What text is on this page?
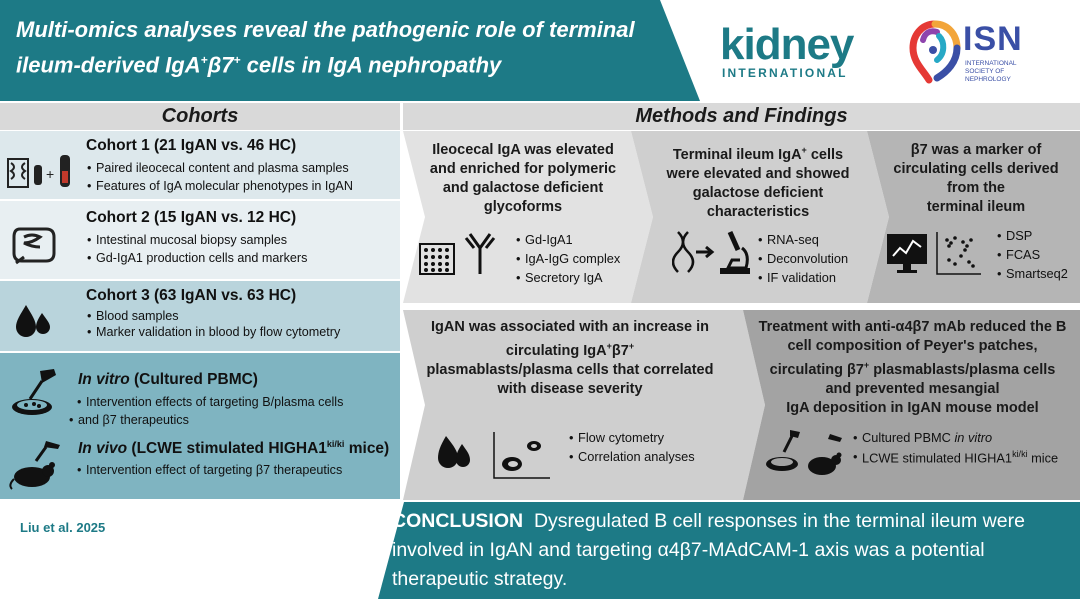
Multi-omics analyses reveal the pathogenic role of terminal
ileum-derived IgA+β7+ cells in IgA nephropathy	kidney
INTERNATIONAL
ISN
INTERNATIONAL SOCIETY OF NEPHROLOGY
Cohorts	Methods and Findings
+
Cohort 1 (21 IgAN vs. 46 HC)
• Paired ileocecal content and plasma samples
• Features of IgA molecular phenotypes in IgAN
Cohort 2 (15 IgAN vs. 12 HC)
• Intestinal mucosal biopsy samples
• Gd-IgA1 production cells and markers
Cohort 3 (63 IgAN vs. 63 HC)
• Blood samples
• Marker validation in blood by flow cytometry
In vitro (Cultured PBMC)
• Intervention effects of targeting B/plasma cells
• and β7 therapeutics
In vivo (LCWE stimulated $HIGHA1^{ki/ki}$ mice)
• Intervention effect of targeting β7 therapeutics
Ileocecal IgA was elevated
and enriched for polymeric
and galactose deficient
glycoforms
• Gd-IgA1
• IgA-IgG complex
• Secretory IgA
Terminal ileum IgA+ cells
were elevated and showed
galactose deficient
characteristics
• RNA-seq
• Deconvolution
• IF validation
β7 was a marker of
circulating cells derived
from the
terminal ileum
• DSP
• FCAS
• Smartseq2
IgAN was associated with an increase in
circulating IgA+β7+
plasmablasts/plasma cells that correlated
with disease severity
• Flow cytometry
• Correlation analyses
Treatment with anti-α4β7 mAb reduced the B
cell composition of Peyer's patches,
circulating β7+ plasmablasts/plasma cells
and prevented mesangial
IgA deposition in IgAN mouse model
• Cultured PBMC in vitro
• LCWE stimulated $HIGHA1^{ki/ki}$ mice
Liu et al. 2025	CONCLUSION Dysregulated B cell responses in the terminal ileum were involved in IgAN and targeting α4β7-MAdCAM-1 axis was a potential therapeutic strategy.
